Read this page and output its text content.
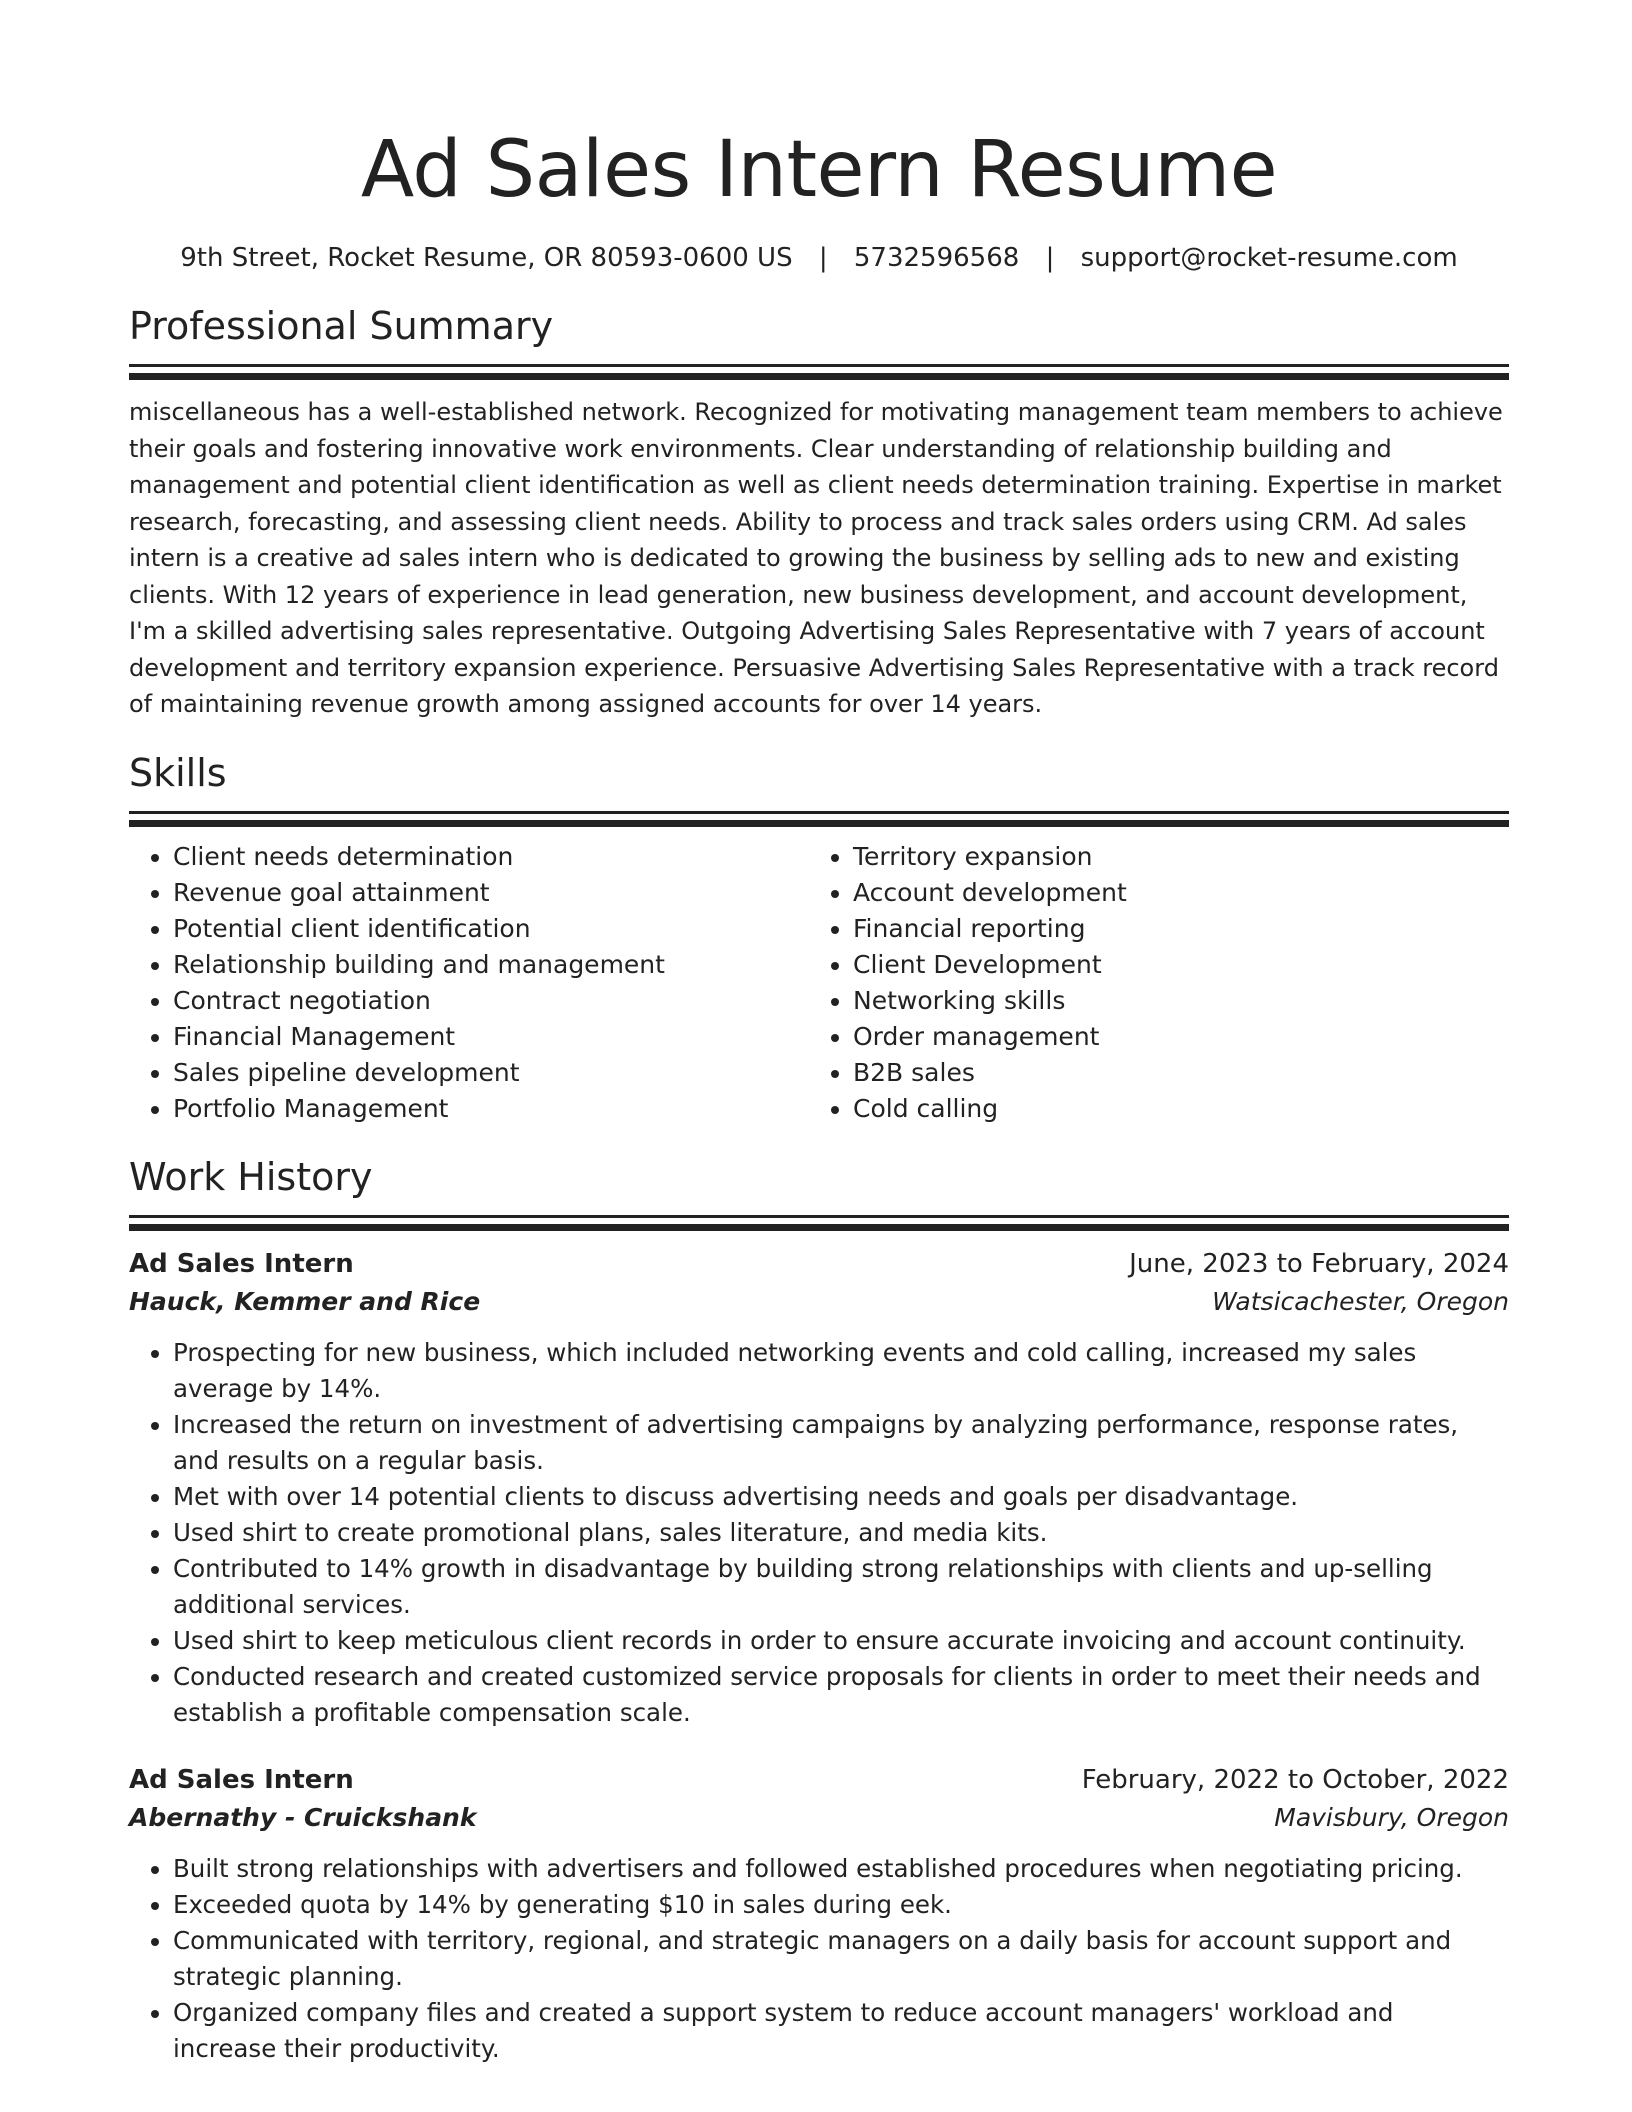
Ad Sales Intern Resume
9th Street, Rocket Resume, OR 80593-0600 US | 5732596568 | support@rocket-resume.com
Professional Summary
miscellaneous has a well-established network. Recognized for motivating management team members to achieve their goals and fostering innovative work environments. Clear understanding of relationship building and management and potential client identification as well as client needs determination training. Expertise in market research, forecasting, and assessing client needs. Ability to process and track sales orders using CRM. Ad sales intern is a creative ad sales intern who is dedicated to growing the business by selling ads to new and existing clients. With 12 years of experience in lead generation, new business development, and account development, I'm a skilled advertising sales representative. Outgoing Advertising Sales Representative with 7 years of account development and territory expansion experience. Persuasive Advertising Sales Representative with a track record of maintaining revenue growth among assigned accounts for over 14 years.
Skills
• Client needs determination
• Revenue goal attainment
• Potential client identification
• Relationship building and management
• Contract negotiation
• Financial Management
• Sales pipeline development
• Portfolio Management
• Territory expansion
• Account development
• Financial reporting
• Client Development
• Networking skills
• Order management
• B2B sales
• Cold calling
Work History
Ad Sales Intern	June, 2023 to February, 2024
Hauck, Kemmer and Rice	Watsicachester, Oregon
• Prospecting for new business, which included networking events and cold calling, increased my sales average by 14%.
• Increased the return on investment of advertising campaigns by analyzing performance, response rates, and results on a regular basis.
• Met with over 14 potential clients to discuss advertising needs and goals per disadvantage.
• Used shirt to create promotional plans, sales literature, and media kits.
• Contributed to 14% growth in disadvantage by building strong relationships with clients and up-selling additional services.
• Used shirt to keep meticulous client records in order to ensure accurate invoicing and account continuity.
• Conducted research and created customized service proposals for clients in order to meet their needs and establish a profitable compensation scale.
Ad Sales Intern	February, 2022 to October, 2022
Abernathy - Cruickshank	Mavisbury, Oregon
• Built strong relationships with advertisers and followed established procedures when negotiating pricing.
• Exceeded quota by 14% by generating $10 in sales during eek.
• Communicated with territory, regional, and strategic managers on a daily basis for account support and strategic planning.
• Organized company files and created a support system to reduce account managers' workload and increase their productivity.
